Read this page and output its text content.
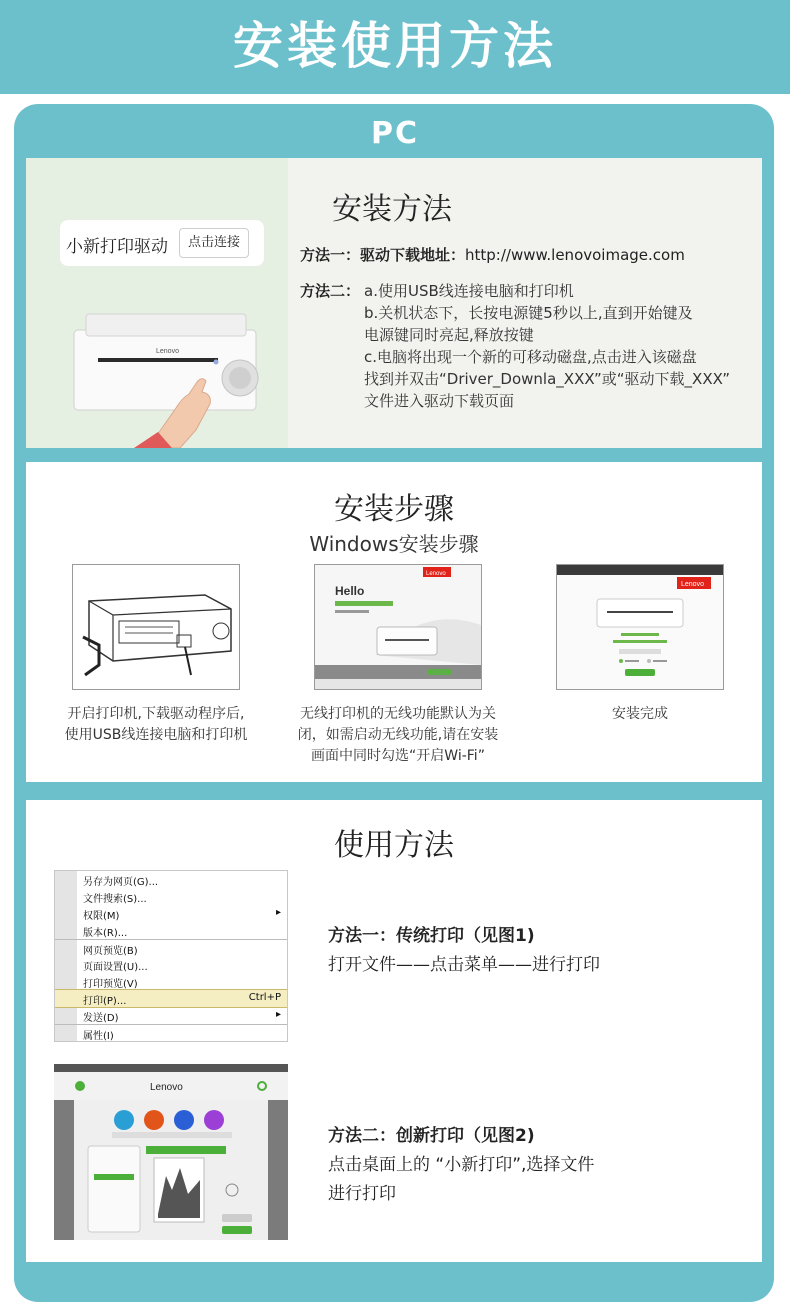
安装使用方法
PC
小新打印驱动	点击连接
Lenovo
安装方法
方法一：驱动下载地址：http://www.lenovoimage.com
方法二： a.使用USB线连接电脑和打印机
b.关机状态下，长按电源键5秒以上,直到开始键及
电源键同时亮起,释放按键
c.电脑将出现一个新的可移动磁盘,点击进入该磁盘
找到并双击“Driver_Downla_XXX”或“驱动下载_XXX”
文件进入驱动下载页面
安装步骤
Windows安装步骤
Lenovo
Hello	Lenovo
开启打印机,下载驱动程序后,
使用USB线连接电脑和打印机
无线打印机的无线功能默认为关
闭，如需启动无线功能,请在安装
画面中同时勾选“开启Wi-Fi”
安装完成
使用方法
另存为网页(G)...
文件搜索(S)...
权限(M)	▸
版本(R)...
网页预览(B)
页面设置(U)...
打印预览(V)
打印(P)...	Ctrl+P
发送(D)	▸
属性(I)
Lenovo
方法一：传统打印（见图1)
打开文件——点击菜单——进行打印
方法二：创新打印（见图2)
点击桌面上的 “小新打印”,选择文件
进行打印
